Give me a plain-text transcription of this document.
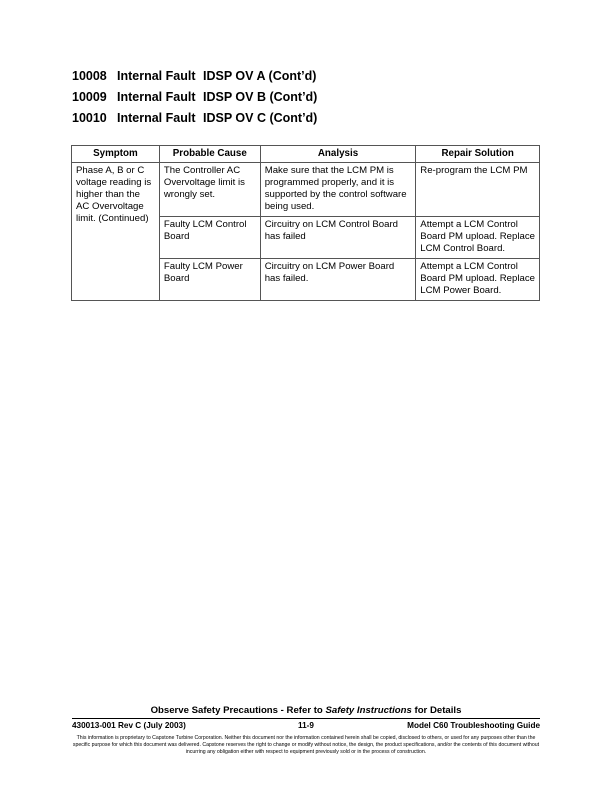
10008 Internal Fault IDSP OV A (Cont’d)
10009 Internal Fault IDSP OV B (Cont’d)
10010 Internal Fault IDSP OV C (Cont’d)
Symptom	Probable Cause	Analysis	Repair Solution
Phase A, B or C voltage reading is higher than the AC Overvoltage limit. (Continued)	The Controller AC Overvoltage limit is wrongly set.	Make sure that the LCM PM is programmed properly, and it is supported by the control software being used.	Re-program the LCM PM
	Faulty LCM Control Board	Circuitry on LCM Control Board has failed	Attempt a LCM Control Board PM upload. Replace LCM Control Board.
	Faulty LCM Power Board	Circuitry on LCM Power Board has failed.	Attempt a LCM Control Board PM upload. Replace LCM Power Board.
Observe Safety Precautions - Refer to Safety Instructions for Details
430013-001 Rev C (July 2003)	11-9	Model C60 Troubleshooting Guide
This information is proprietary to Capstone Turbine Corporation. Neither this document nor the information contained herein shall be copied, disclosed to others, or used for any purposes other than the specific purpose for which this document was delivered. Capstone reserves the right to change or modify without notice, the design, the product specifications, and/or the contents of this document without incurring any obligation either with respect to equipment previously sold or in the process of construction.
